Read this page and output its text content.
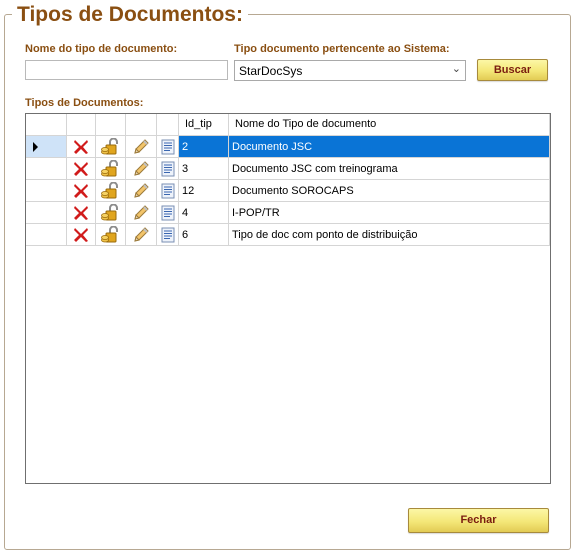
Tipos de Documentos:
Nome do tipo de documento:	Tipo documento pertencente ao Sistema:
StarDocSys	⌄	Buscar
Tipos de Documentos:
Id_tip	Nome do Tipo de documento
2	Documento JSC
3	Documento JSC com treinograma
12	Documento SOROCAPS
4	I-POP/TR
6	Tipo de doc com ponto de distribuição
Fechar
